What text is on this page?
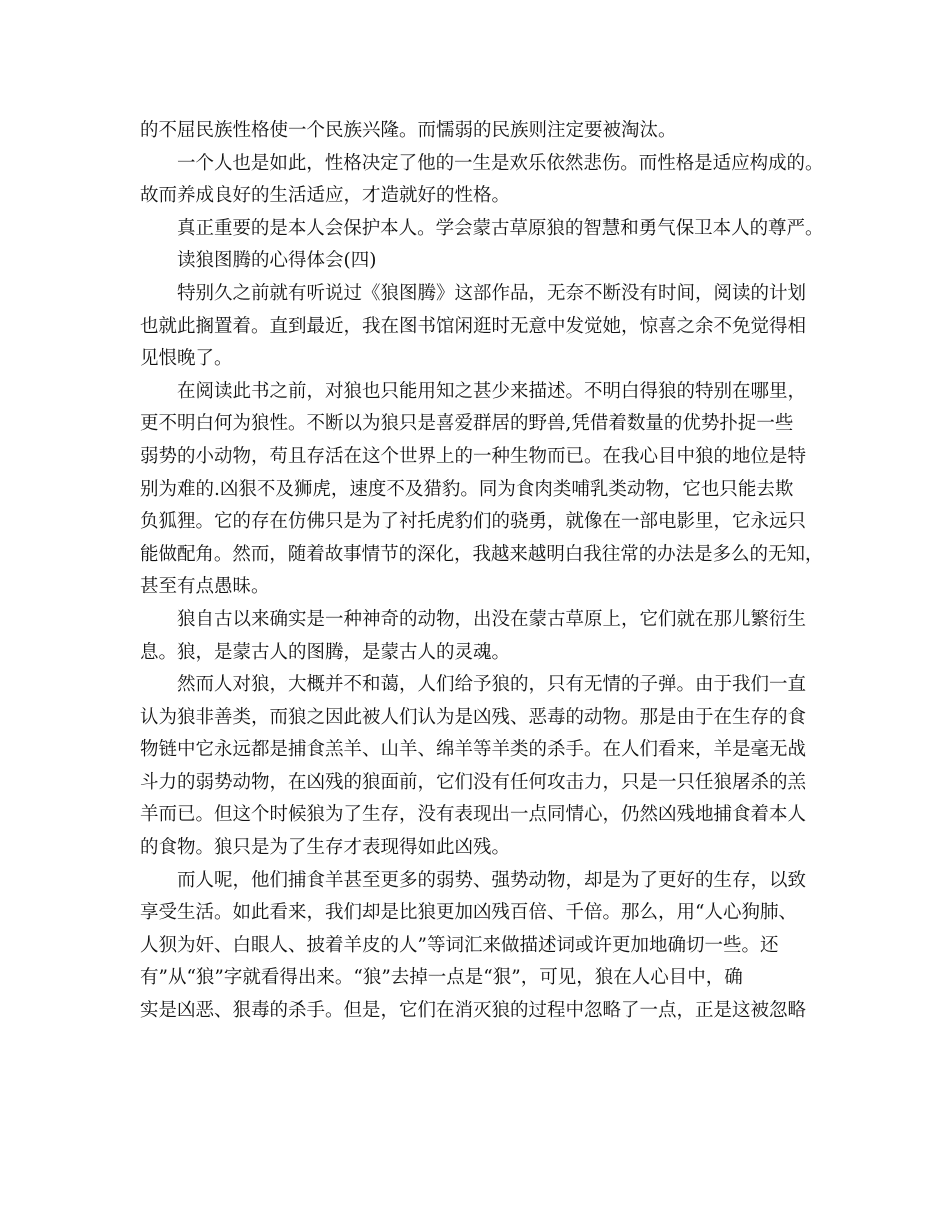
的不屈民族性格使一个民族兴隆。而懦弱的民族则注定要被淘汰。
一个人也是如此，性格决定了他的一生是欢乐依然悲伤。而性格是适应构成的。
故而养成良好的生活适应，才造就好的性格。
真正重要的是本人会保护本人。学会蒙古草原狼的智慧和勇气保卫本人的尊严。
读狼图腾的心得体会(四)
特别久之前就有听说过《狼图腾》这部作品，无奈不断没有时间，阅读的计划
也就此搁置着。直到最近，我在图书馆闲逛时无意中发觉她，惊喜之余不免觉得相
见恨晚了。
在阅读此书之前，对狼也只能用知之甚少来描述。不明白得狼的特别在哪里，
更不明白何为狼性。不断以为狼只是喜爱群居的野兽,凭借着数量的优势扑捉一些
弱势的小动物，苟且存活在这个世界上的一种生物而已。在我心目中狼的地位是特
别为难的.凶狠不及狮虎，速度不及猎豹。同为食肉类哺乳类动物，它也只能去欺
负狐狸。它的存在仿佛只是为了衬托虎豹们的骁勇，就像在一部电影里，它永远只
能做配角。然而，随着故事情节的深化，我越来越明白我往常的办法是多么的无知，
甚至有点愚昧。
狼自古以来确实是一种神奇的动物，出没在蒙古草原上，它们就在那儿繁衍生
息。狼，是蒙古人的图腾，是蒙古人的灵魂。
然而人对狼，大概并不和蔼，人们给予狼的，只有无情的子弹。由于我们一直
认为狼非善类，而狼之因此被人们认为是凶残、恶毒的动物。那是由于在生存的食
物链中它永远都是捕食羔羊、山羊、绵羊等羊类的杀手。在人们看来，羊是毫无战
斗力的弱势动物，在凶残的狼面前，它们没有任何攻击力，只是一只任狼屠杀的羔
羊而已。但这个时候狼为了生存，没有表现出一点同情心，仍然凶残地捕食着本人
的食物。狼只是为了生存才表现得如此凶残。
而人呢，他们捕食羊甚至更多的弱势、强势动物，却是为了更好的生存，以致
享受生活。如此看来，我们却是比狼更加凶残百倍、千倍。那么，用“人心狗肺、
人狈为奸、白眼人、披着羊皮的人”等词汇来做描述词或许更加地确切一些。还
有”从“狼”字就看得出来。“狼”去掉一点是“狠”，可见，狼在人心目中，确
实是凶恶、狠毒的杀手。但是，它们在消灭狼的过程中忽略了一点，正是这被忽略
